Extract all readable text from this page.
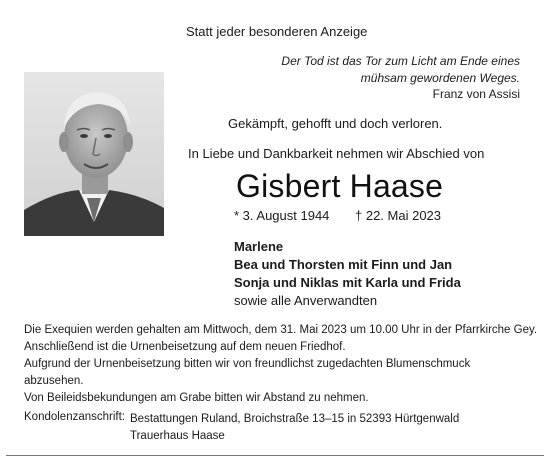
Statt jeder besonderen Anzeige
Der Tod ist das Tor zum Licht am Ende eines
mühsam gewordenen Weges.
Franz von Assisi
Gekämpft, gehofft und doch verloren.
In Liebe und Dankbarkeit nehmen wir Abschied von
Gisbert Haase
* 3. August 1944 † 22. Mai 2023
Marlene
Bea und Thorsten mit Finn und Jan
Sonja und Niklas mit Karla und Frida
sowie alle Anverwandten
Die Exequien werden gehalten am Mittwoch, dem 31. Mai 2023 um 10.00 Uhr in der Pfarrkirche Gey.
Anschließend ist die Urnenbeisetzung auf dem neuen Friedhof.
Aufgrund der Urnenbeisetzung bitten wir von freundlichst zugedachten Blumenschmuck
abzusehen.
Von Beileidsbekundungen am Grabe bitten wir Abstand zu nehmen.
Kondolenzanschrift: Bestattungen Ruland, Broichstraße 13–15 in 52393 Hürtgenwald
Trauerhaus Haase
